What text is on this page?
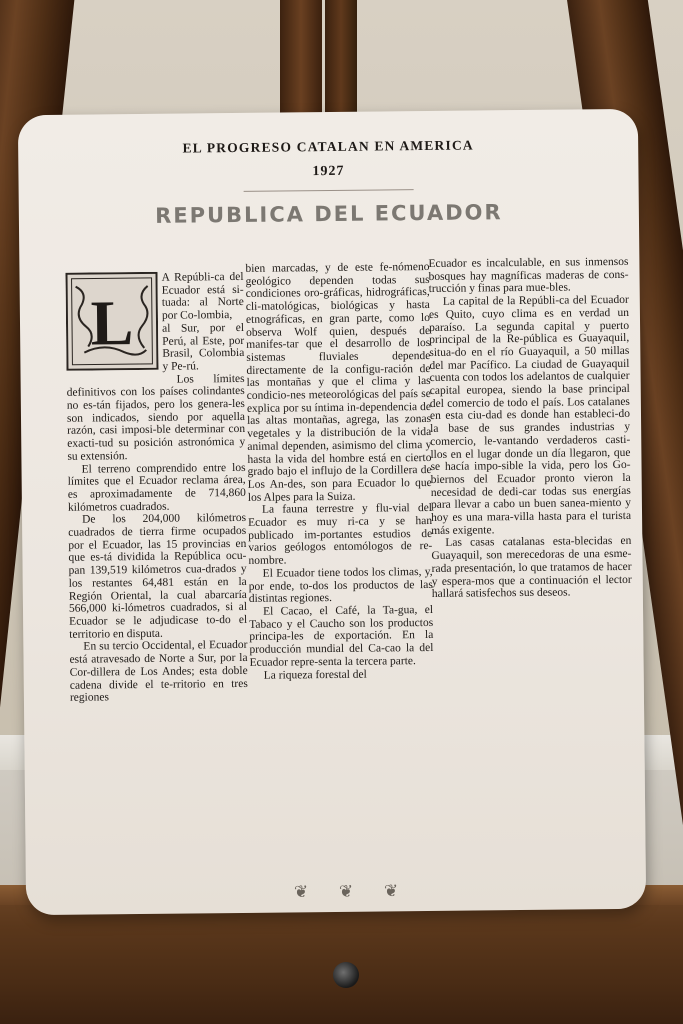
EL PROGRESO CATALAN EN AMERICA
1927
REPUBLICA DEL ECUADOR
L

A Repúbli-ca del Ecuador está si-tuada: al Norte por Co-lombia,

al Sur, por el Perú, al Este, por Brasil, Colombia y Pe-rú.

Los límites definitivos con los países colindantes no es-tán fijados, pero los genera-les son indicados, siendo por aquella razón, casi imposi-ble determinar con exacti-tud su posición astronómica y su extensión.

El terreno comprendido entre los límites que el Ecuador reclama área, es aproximadamente de 714,860 kilómetros cuadrados.

De los 204,000 kilómetros cuadrados de tierra firme ocupados por el Ecuador, las 15 provincias en que es-tá dividida la República ocu-pan 139,519 kilómetros cua-drados y los restantes 64,481 están en la Región Oriental, la cual abarcaría 566,000 ki-lómetros cuadrados, si al Ecuador se le adjudicase to-do el territorio en disputa.

En su tercio Occidental, el Ecuador está atravesado de Norte a Sur, por la Cor-dillera de Los Andes; esta doble cadena divide el te-rritorio en tres regiones

bien marcadas, y de este fe-nómeno geológico dependen todas sus condiciones oro-gráficas, hidrográficas, cli-matológicas, biológicas y hasta etnográficas, en gran parte, como lo observa Wolf quien, después de manifes-tar que el desarrollo de los sistemas fluviales depende directamente de la configu-ración de las montañas y que el clima y las condicio-nes meteorológicas del país se explica por su íntima in-dependencia de las altas montañas, agrega, las zonas vegetales y la distribución de la vida animal dependen, asimismo del clima y hasta la vida del hombre está en cierto grado bajo el influjo de la Cordillera de Los An-des, son para Ecuador lo que los Alpes para la Suiza.

La fauna terrestre y flu-vial del Ecuador es muy ri-ca y se han publicado im-portantes estudios de varios geólogos entomólogos de re-nombre.

El Ecuador tiene todos los climas, y, por ende, to-dos los productos de las distintas regiones.

El Cacao, el Café, la Ta-gua, el Tabaco y el Caucho son los productos principa-les de exportación. En la producción mundial del Ca-cao la del Ecuador repre-senta la tercera parte.

La riqueza forestal del

Ecuador es incalculable, en sus inmensos bosques hay magníficas maderas de cons-trucción y finas para mue-bles.

La capital de la Repúbli-ca del Ecuador es Quito, cuyo clima es en verdad un paraíso. La segunda capital y puerto principal de la Re-pública es Guayaquil, situa-do en el río Guayaquil, a 50 millas del mar Pacífico. La ciudad de Guayaquil cuenta con todos los adelantos de cualquier capital europea, siendo la base principal del comercio de todo el país. Los catalanes en esta ciu-dad es donde han estableci-do la base de sus grandes industrias y comercio, le-vantando verdaderos casti-llos en el lugar donde un día llegaron, que se hacía impo-sible la vida, pero los Go-biernos del Ecuador pronto vieron la necesidad de dedi-car todas sus energías para llevar a cabo un buen sanea-miento y hoy es una mara-villa hasta para el turista más exigente.

Las casas catalanas esta-blecidas en Guayaquil, son merecedoras de una esme-rada presentación, lo que tratamos de hacer y espera-mos que a continuación el lector hallará satisfechos sus deseos.

❦ ❦ ❦
